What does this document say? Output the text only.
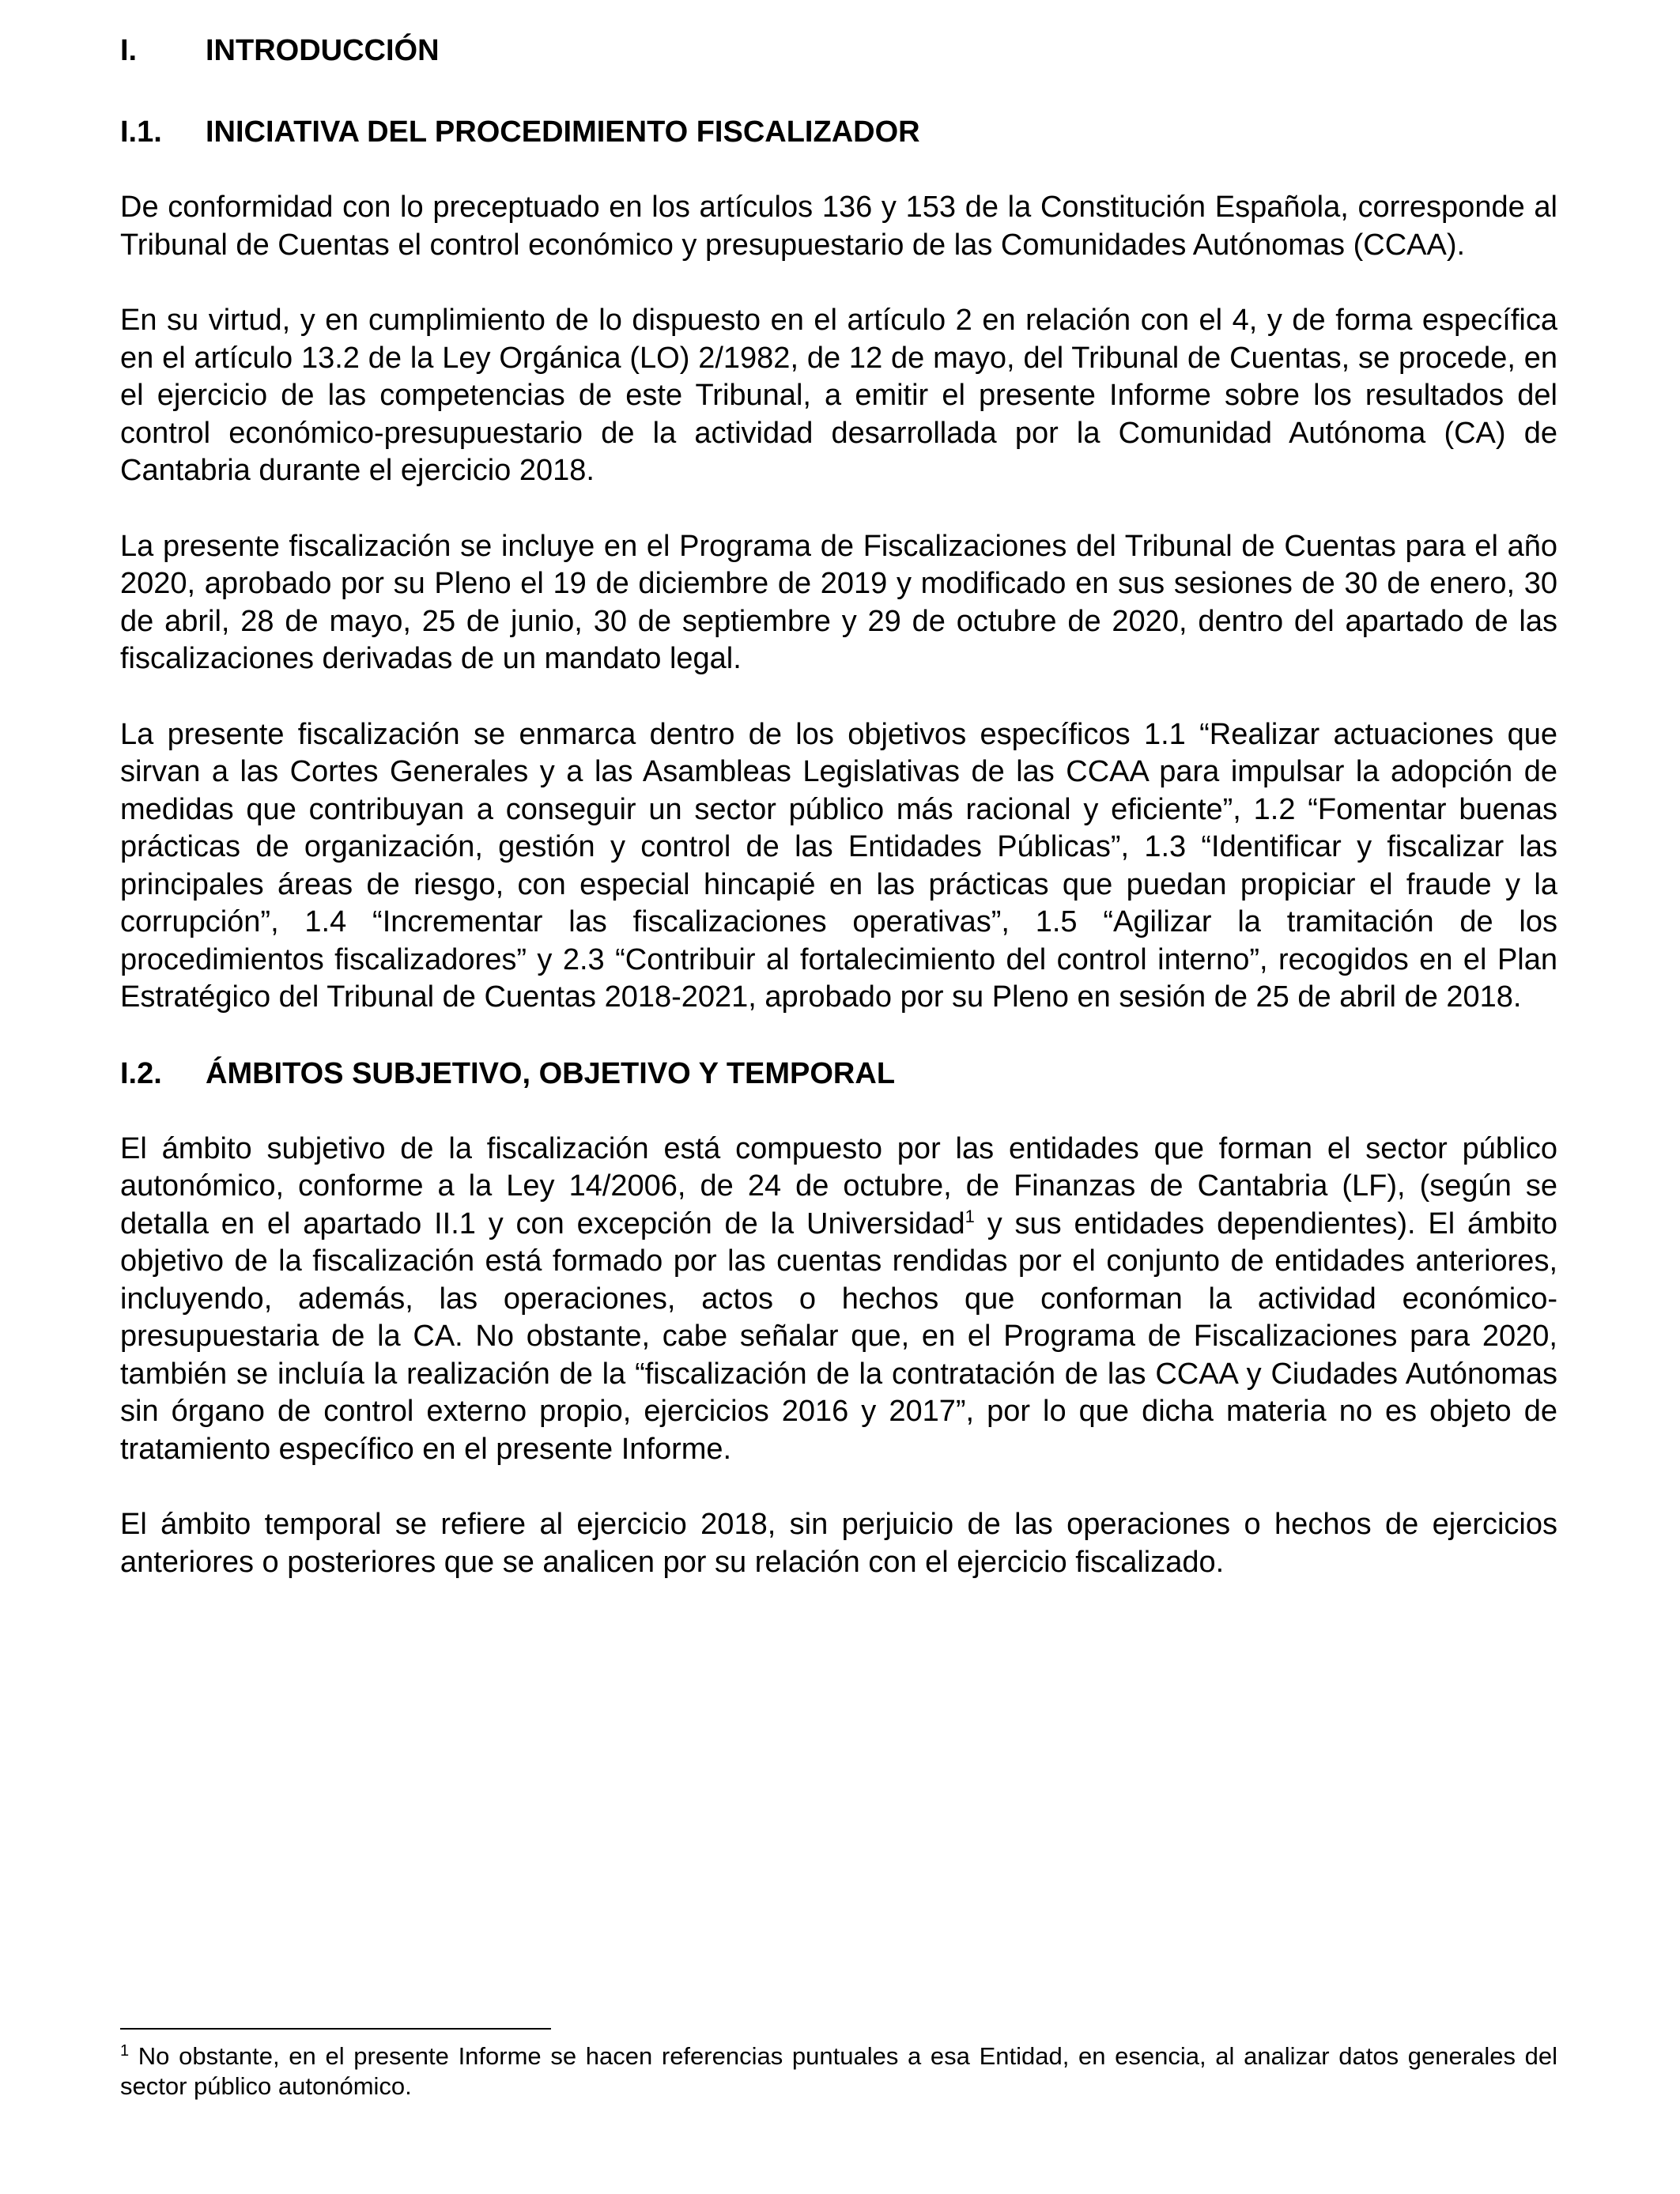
I.	INTRODUCCIÓN
I.1.	INICIATIVA DEL PROCEDIMIENTO FISCALIZADOR

De conformidad con lo preceptuado en los artículos 136 y 153 de la Constitución Española, corresponde al Tribunal de Cuentas el control económico y presupuestario de las Comunidades Autónomas (CCAA).

En su virtud, y en cumplimiento de lo dispuesto en el artículo 2 en relación con el 4, y de forma específica en el artículo 13.2 de la Ley Orgánica (LO) 2/1982, de 12 de mayo, del Tribunal de Cuentas, se procede, en el ejercicio de las competencias de este Tribunal, a emitir el presente Informe sobre los resultados del control económico-presupuestario de la actividad desarrollada por la Comunidad Autónoma (CA) de Cantabria durante el ejercicio 2018.

La presente fiscalización se incluye en el Programa de Fiscalizaciones del Tribunal de Cuentas para el año 2020, aprobado por su Pleno el 19 de diciembre de 2019 y modificado en sus sesiones de 30 de enero, 30 de abril, 28 de mayo, 25 de junio, 30 de septiembre y 29 de octubre de 2020, dentro del apartado de las fiscalizaciones derivadas de un mandato legal.

La presente fiscalización se enmarca dentro de los objetivos específicos 1.1 “Realizar actuaciones que sirvan a las Cortes Generales y a las Asambleas Legislativas de las CCAA para impulsar la adopción de medidas que contribuyan a conseguir un sector público más racional y eficiente”, 1.2 “Fomentar buenas prácticas de organización, gestión y control de las Entidades Públicas”, 1.3 “Identificar y fiscalizar las principales áreas de riesgo, con especial hincapié en las prácticas que puedan propiciar el fraude y la corrupción”, 1.4 “Incrementar las fiscalizaciones operativas”, 1.5 “Agilizar la tramitación de los procedimientos fiscalizadores” y 2.3 “Contribuir al fortalecimiento del control interno”, recogidos en el Plan Estratégico del Tribunal de Cuentas 2018-2021, aprobado por su Pleno en sesión de 25 de abril de 2018.

I.2.	ÁMBITOS SUBJETIVO, OBJETIVO Y TEMPORAL

El ámbito subjetivo de la fiscalización está compuesto por las entidades que forman el sector público autonómico, conforme a la Ley 14/2006, de 24 de octubre, de Finanzas de Cantabria (LF), (según se detalla en el apartado II.1 y con excepción de la Universidad$^1$ y sus entidades dependientes). El ámbito objetivo de la fiscalización está formado por las cuentas rendidas por el conjunto de entidades anteriores, incluyendo, además, las operaciones, actos o hechos que conforman la actividad económico-presupuestaria de la CA. No obstante, cabe señalar que, en el Programa de Fiscalizaciones para 2020, también se incluía la realización de la “fiscalización de la contratación de las CCAA y Ciudades Autónomas sin órgano de control externo propio, ejercicios 2016 y 2017”, por lo que dicha materia no es objeto de tratamiento específico en el presente Informe.

El ámbito temporal se refiere al ejercicio 2018, sin perjuicio de las operaciones o hechos de ejercicios anteriores o posteriores que se analicen por su relación con el ejercicio fiscalizado.

$^1$ No obstante, en el presente Informe se hacen referencias puntuales a esa Entidad, en esencia, al analizar datos generales del sector público autonómico.
